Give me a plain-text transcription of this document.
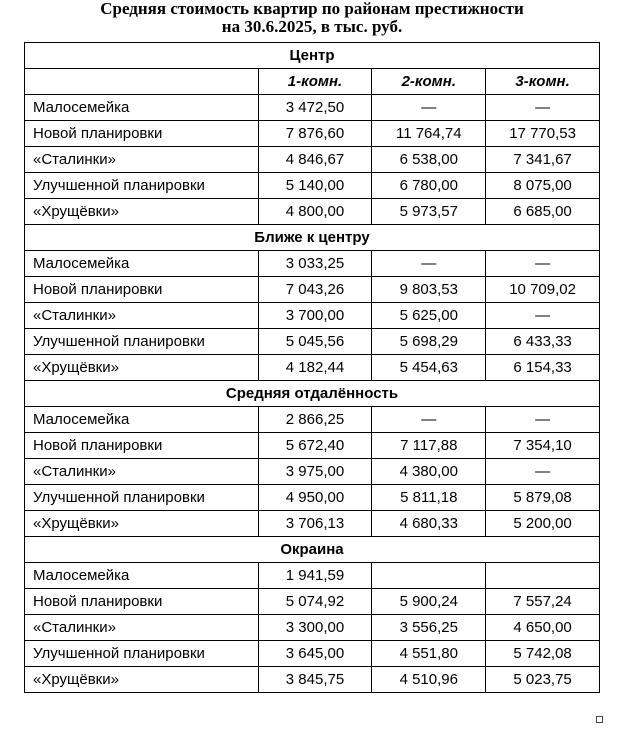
Средняя стоимость квартир по районам престижности
на 30.6.2025, в тыс. руб.
Центр			
	1-комн.	2-комн.	3-комн.
Малосемейка	3 472,50	—	—
Новой планировки	7 876,60	11 764,74	17 770,53
«Сталинки»	4 846,67	6 538,00	7 341,67
Улучшенной планировки	5 140,00	6 780,00	8 075,00
«Хрущёвки»	4 800,00	5 973,57	6 685,00
Ближе к центру			
Малосемейка	3 033,25	—	—
Новой планировки	7 043,26	9 803,53	10 709,02
«Сталинки»	3 700,00	5 625,00	—
Улучшенной планировки	5 045,56	5 698,29	6 433,33
«Хрущёвки»	4 182,44	5 454,63	6 154,33
Средняя отдалённость			
Малосемейка	2 866,25	—	—
Новой планировки	5 672,40	7 117,88	7 354,10
«Сталинки»	3 975,00	4 380,00	—
Улучшенной планировки	4 950,00	5 811,18	5 879,08
«Хрущёвки»	3 706,13	4 680,33	5 200,00
Окраина			
Малосемейка	1 941,59		
Новой планировки	5 074,92	5 900,24	7 557,24
«Сталинки»	3 300,00	3 556,25	4 650,00
Улучшенной планировки	3 645,00	4 551,80	5 742,08
«Хрущёвки»	3 845,75	4 510,96	5 023,75
